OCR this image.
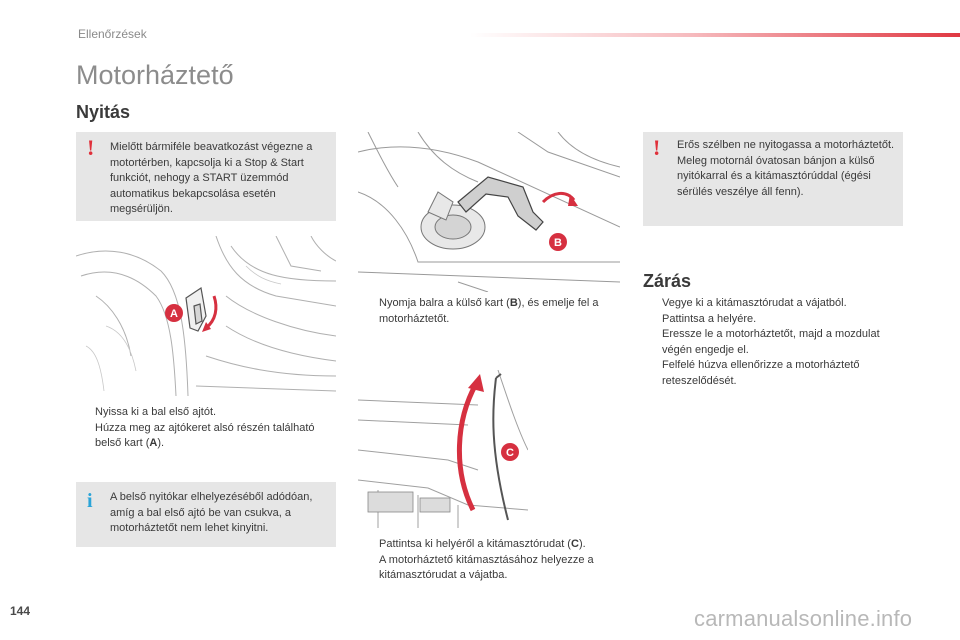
Ellenőrzések
Motorháztető
Nyitás
! Mielőtt bármiféle beavatkozást végezne a motortérben, kapcsolja ki a Stop & Start funkciót, nehogy a START üzemmód automatikus bekapcsolása esetén megsérüljön.
A
Nyissa ki a bal első ajtót.
Húzza meg az ajtókeret alsó részén található belső kart (A).
i A belső nyitókar elhelyezéséből adódóan, amíg a bal első ajtó be van csukva, a motorháztetőt nem lehet kinyitni.
B
Nyomja balra a külső kart (B), és emelje fel a motorháztetőt.
C
Pattintsa ki helyéről a kitámasztórudat (C).
A motorháztető kitámasztásához helyezze a kitámasztórudat a vájatba.
! Erős szélben ne nyitogassa a motorháztetőt. Meleg motornál óvatosan bánjon a külső nyitókarral és a kitámasztórúddal (égési sérülés veszélye áll fenn).
Zárás
Vegye ki a kitámasztórudat a vájatból.
Pattintsa a helyére.
Eressze le a motorháztetőt, majd a mozdulat végén engedje el.
Felfelé húzva ellenőrizze a motorháztető reteszelődését.
144	carmanualsonline.info
